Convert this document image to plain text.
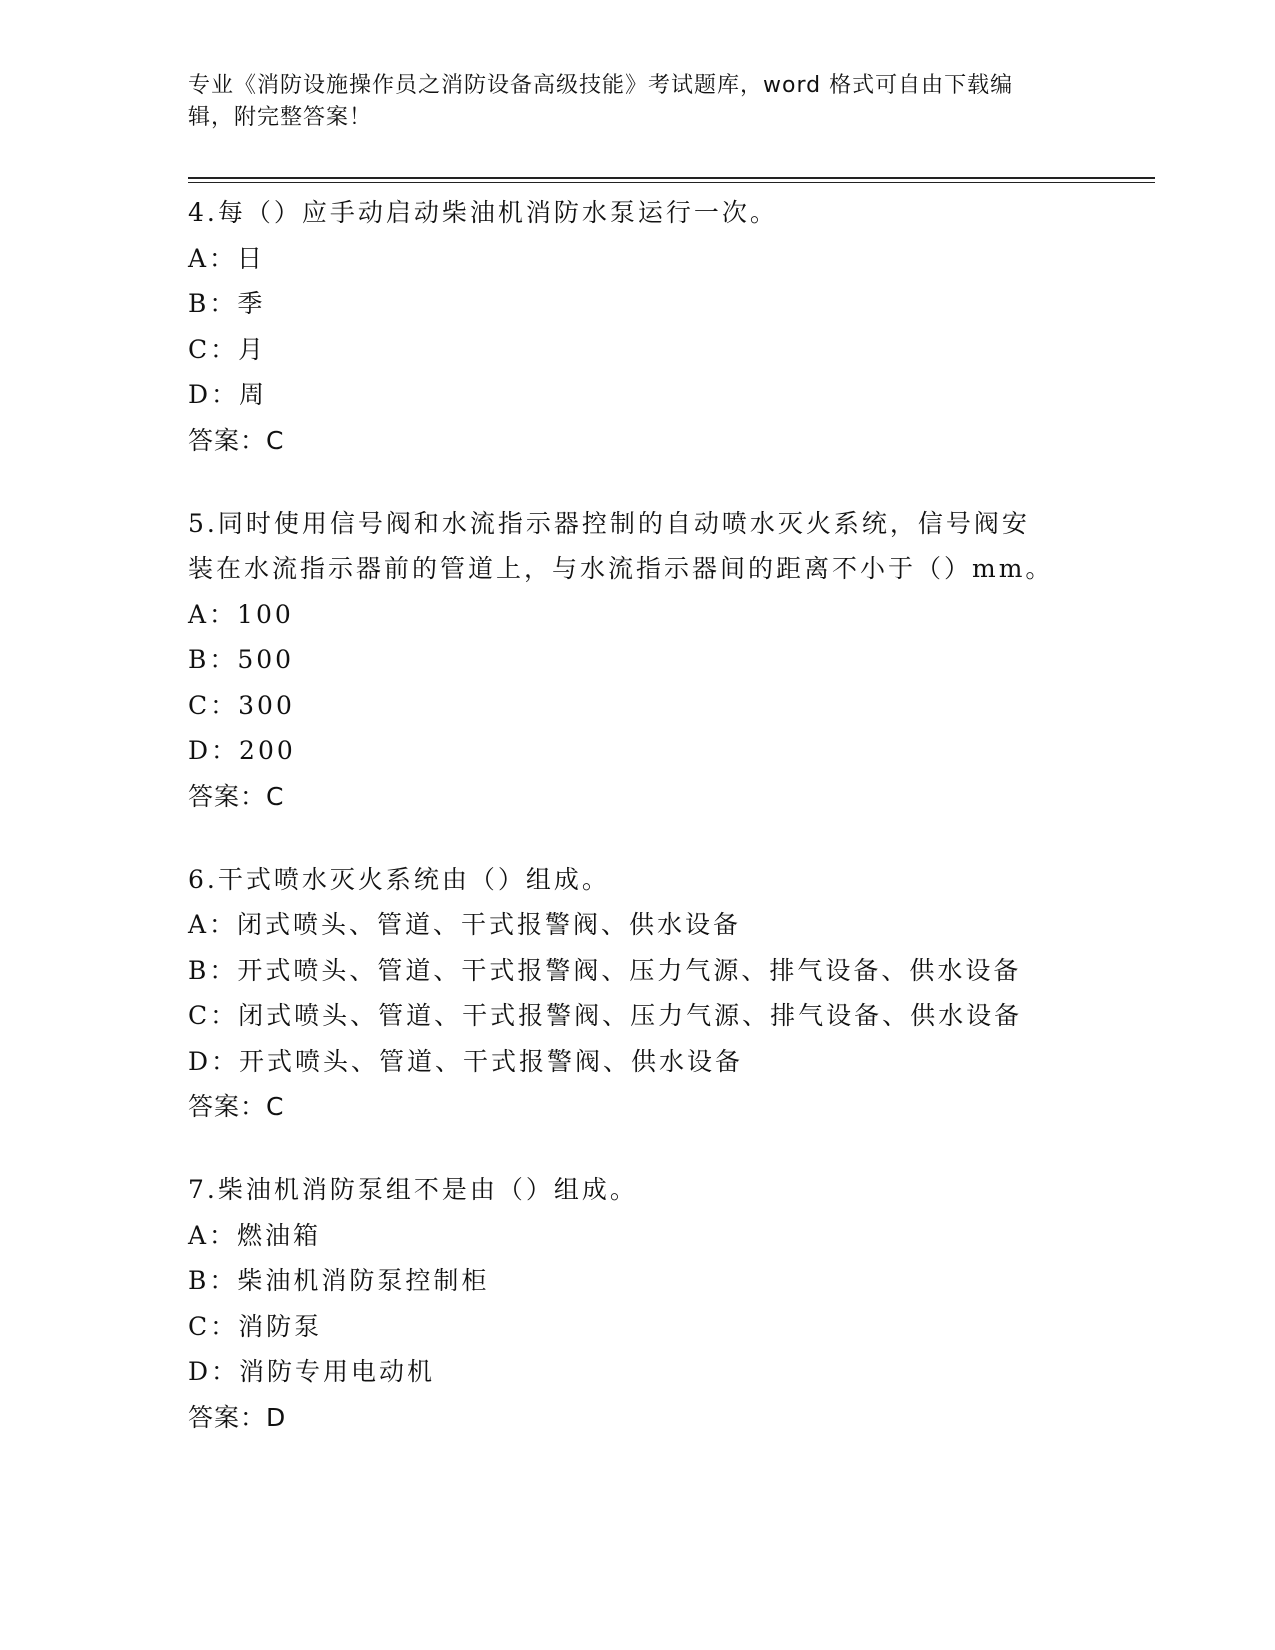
专业《消防设施操作员之消防设备高级技能》考试题库，word 格式可自由下载编
辑，附完整答案！
4.每（）应手动启动柴油机消防水泵运行一次。
A：日
B：季
C：月
D：周
答案：C
5.同时使用信号阀和水流指示器控制的自动喷水灭火系统，信号阀安
装在水流指示器前的管道上，与水流指示器间的距离不小于（）mm。
A：100
B：500
C：300
D：200
答案：C
6.干式喷水灭火系统由（）组成。
A：闭式喷头、管道、干式报警阀、供水设备
B：开式喷头、管道、干式报警阀、压力气源、排气设备、供水设备
C：闭式喷头、管道、干式报警阀、压力气源、排气设备、供水设备
D：开式喷头、管道、干式报警阀、供水设备
答案：C
7.柴油机消防泵组不是由（）组成。
A：燃油箱
B：柴油机消防泵控制柜
C：消防泵
D：消防专用电动机
答案：D
